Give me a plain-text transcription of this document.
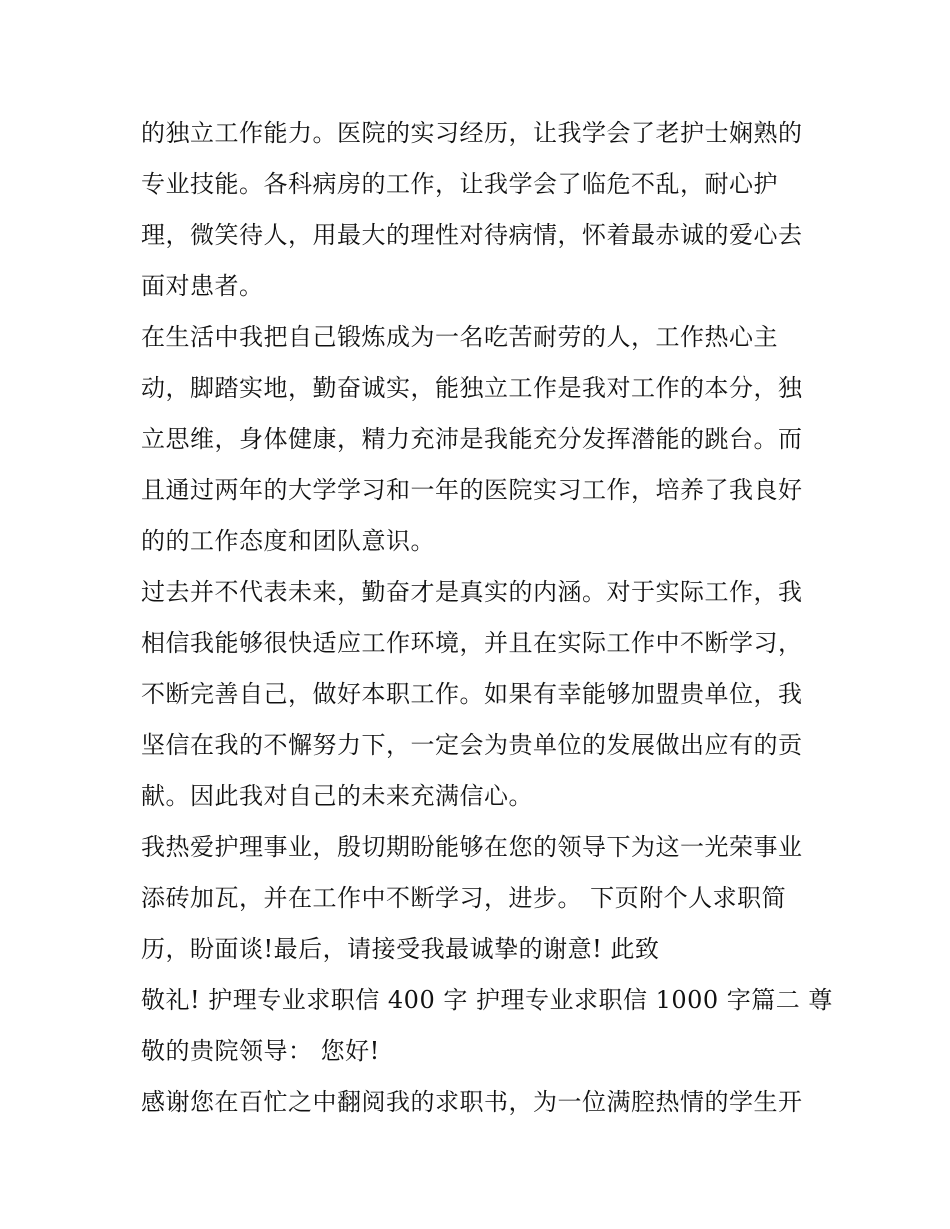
的独立工作能力。医院的实习经历，让我学会了老护士娴熟的
专业技能。各科病房的工作，让我学会了临危不乱，耐心护
理，微笑待人，用最大的理性对待病情，怀着最赤诚的爱心去
面对患者。
在生活中我把自己锻炼成为一名吃苦耐劳的人，工作热心主
动，脚踏实地，勤奋诚实，能独立工作是我对工作的本分，独
立思维，身体健康，精力充沛是我能充分发挥潜能的跳台。而
且通过两年的大学学习和一年的医院实习工作，培养了我良好
的的工作态度和团队意识。
过去并不代表未来，勤奋才是真实的内涵。对于实际工作，我
相信我能够很快适应工作环境，并且在实际工作中不断学习，
不断完善自己，做好本职工作。如果有幸能够加盟贵单位，我
坚信在我的不懈努力下，一定会为贵单位的发展做出应有的贡
献。因此我对自己的未来充满信心。
我热爱护理事业，殷切期盼能够在您的领导下为这一光荣事业
添砖加瓦，并在工作中不断学习，进步。 下页附个人求职简
历，盼面谈!最后，请接受我最诚挚的谢意! 此致
敬礼! 护理专业求职信 400 字 护理专业求职信 1000 字篇二 尊
敬的贵院领导： 您好!
感谢您在百忙之中翻阅我的求职书，为一位满腔热情的学生开
